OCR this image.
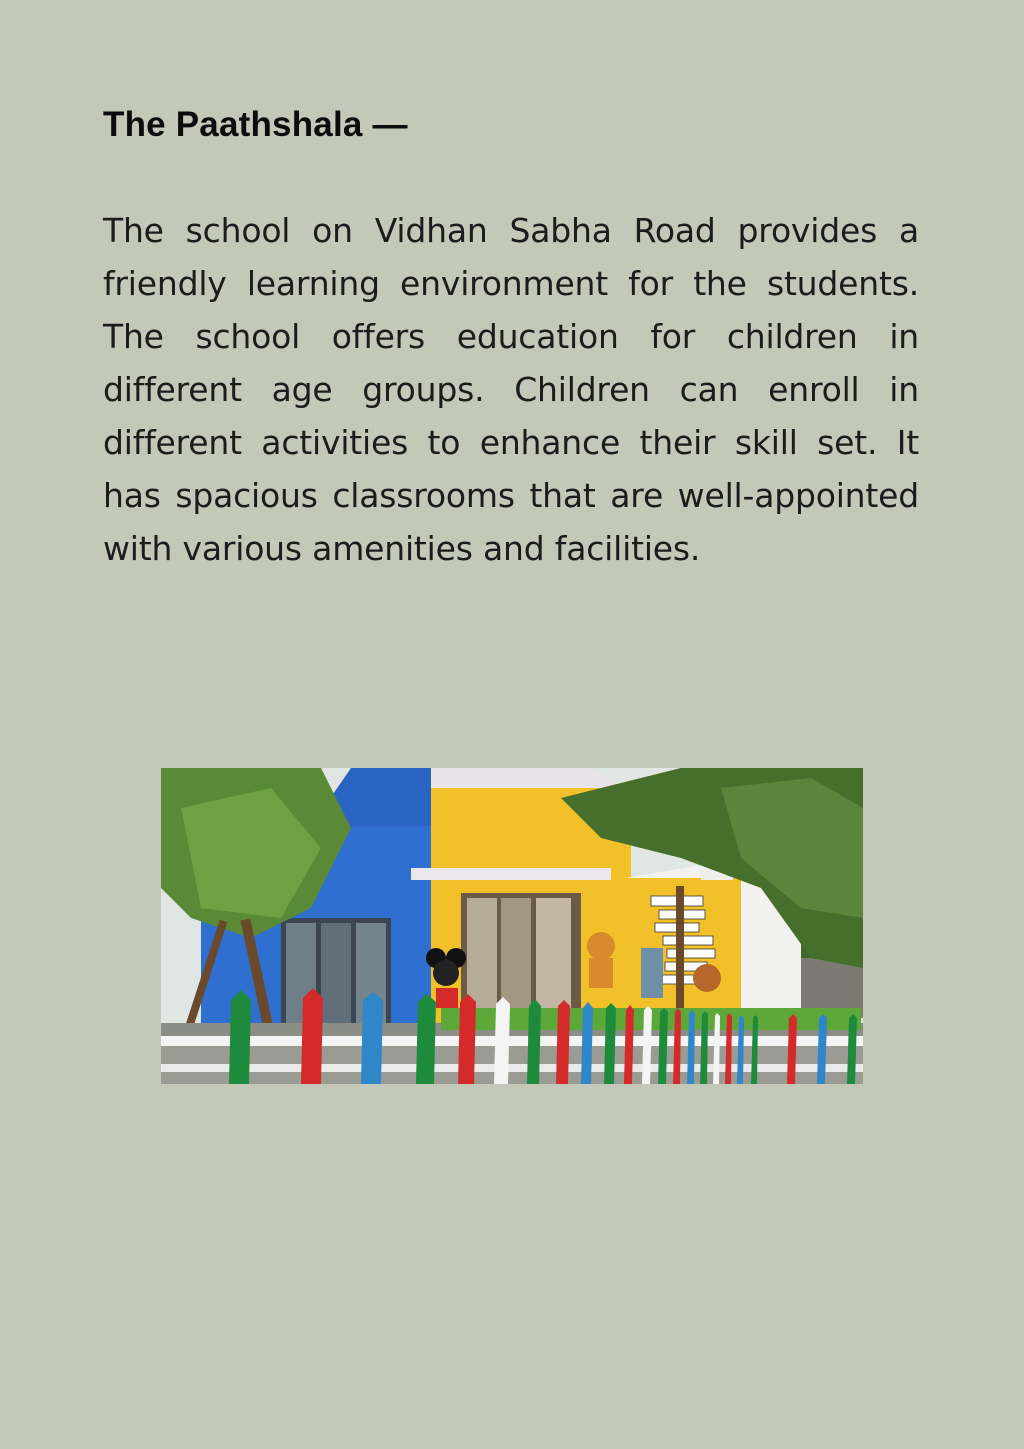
The Paathshala —

The school on Vidhan Sabha Road provides a friendly learning environment for the students. The school offers education for children in different age groups. Children can enroll in different activities to enhance their skill set. It has spacious classrooms that are well-appointed with various amenities and facilities.
